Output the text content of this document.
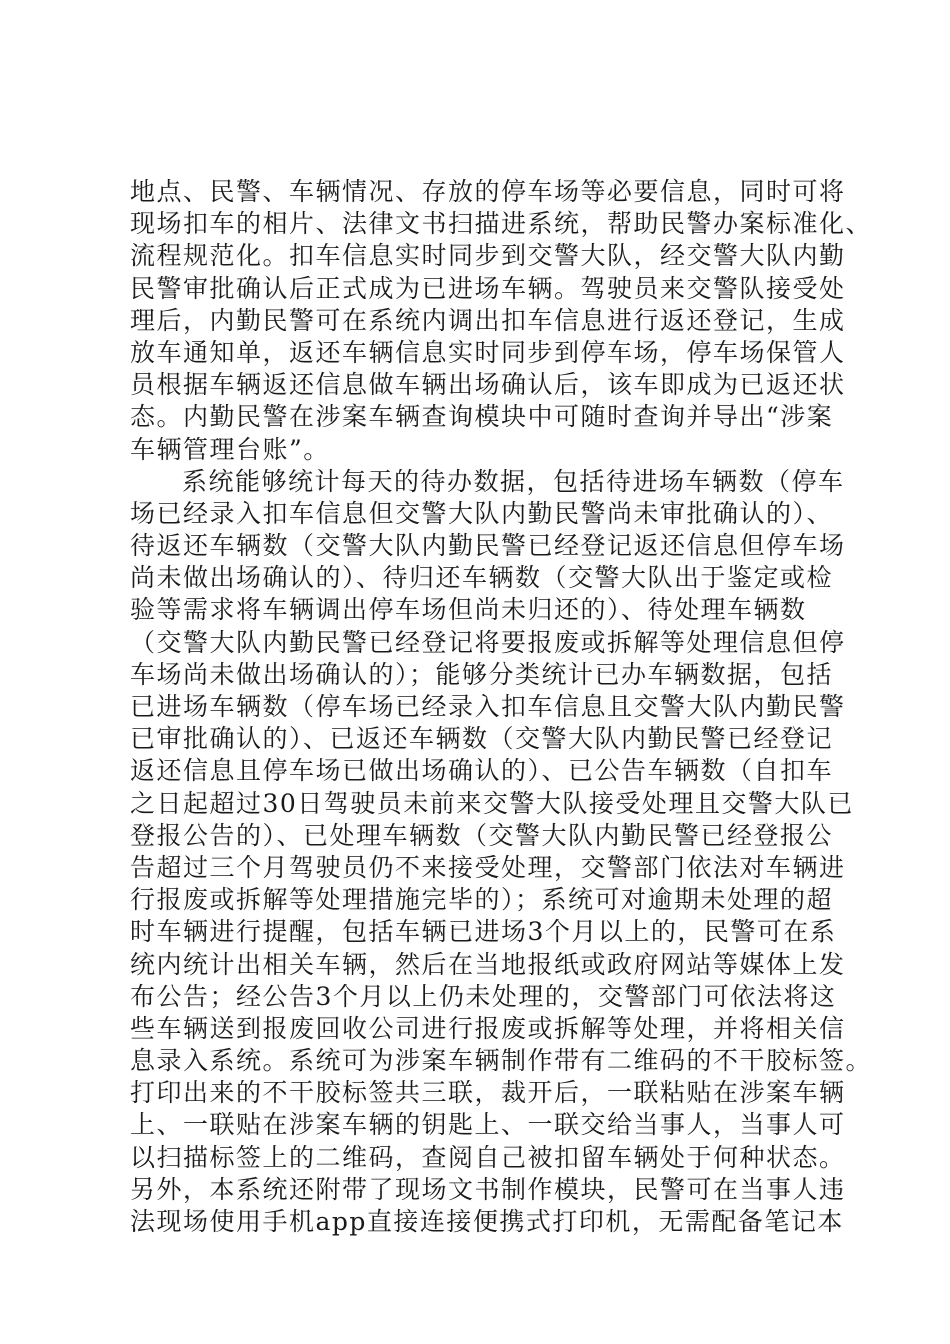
地点、民警、车辆情况、存放的停车场等必要信息，同时可将
现场扣车的相片、法律文书扫描进系统，帮助民警办案标准化、
流程规范化。扣车信息实时同步到交警大队，经交警大队内勤
民警审批确认后正式成为已进场车辆。驾驶员来交警队接受处
理后，内勤民警可在系统内调出扣车信息进行返还登记，生成
放车通知单，返还车辆信息实时同步到停车场，停车场保管人
员根据车辆返还信息做车辆出场确认后，该车即成为已返还状
态。内勤民警在涉案车辆查询模块中可随时查询并导出“涉案
车辆管理台账”。
系统能够统计每天的待办数据，包括待进场车辆数（停车
场已经录入扣车信息但交警大队内勤民警尚未审批确认的）、
待返还车辆数（交警大队内勤民警已经登记返还信息但停车场
尚未做出场确认的）、待归还车辆数（交警大队出于鉴定或检
验等需求将车辆调出停车场但尚未归还的）、待处理车辆数
（交警大队内勤民警已经登记将要报废或拆解等处理信息但停
车场尚未做出场确认的）；能够分类统计已办车辆数据，包括
已进场车辆数（停车场已经录入扣车信息且交警大队内勤民警
已审批确认的）、已返还车辆数（交警大队内勤民警已经登记
返还信息且停车场已做出场确认的）、已公告车辆数（自扣车
之日起超过30日驾驶员未前来交警大队接受处理且交警大队已
登报公告的）、已处理车辆数（交警大队内勤民警已经登报公
告超过三个月驾驶员仍不来接受处理，交警部门依法对车辆进
行报废或拆解等处理措施完毕的）；系统可对逾期未处理的超
时车辆进行提醒，包括车辆已进场3个月以上的，民警可在系
统内统计出相关车辆，然后在当地报纸或政府网站等媒体上发
布公告；经公告3个月以上仍未处理的，交警部门可依法将这
些车辆送到报废回收公司进行报废或拆解等处理，并将相关信
息录入系统。系统可为涉案车辆制作带有二维码的不干胶标签。
打印出来的不干胶标签共三联，裁开后，一联粘贴在涉案车辆
上、一联贴在涉案车辆的钥匙上、一联交给当事人，当事人可
以扫描标签上的二维码，查阅自己被扣留车辆处于何种状态。
另外，本系统还附带了现场文书制作模块，民警可在当事人违
法现场使用手机app直接连接便携式打印机，无需配备笔记本
